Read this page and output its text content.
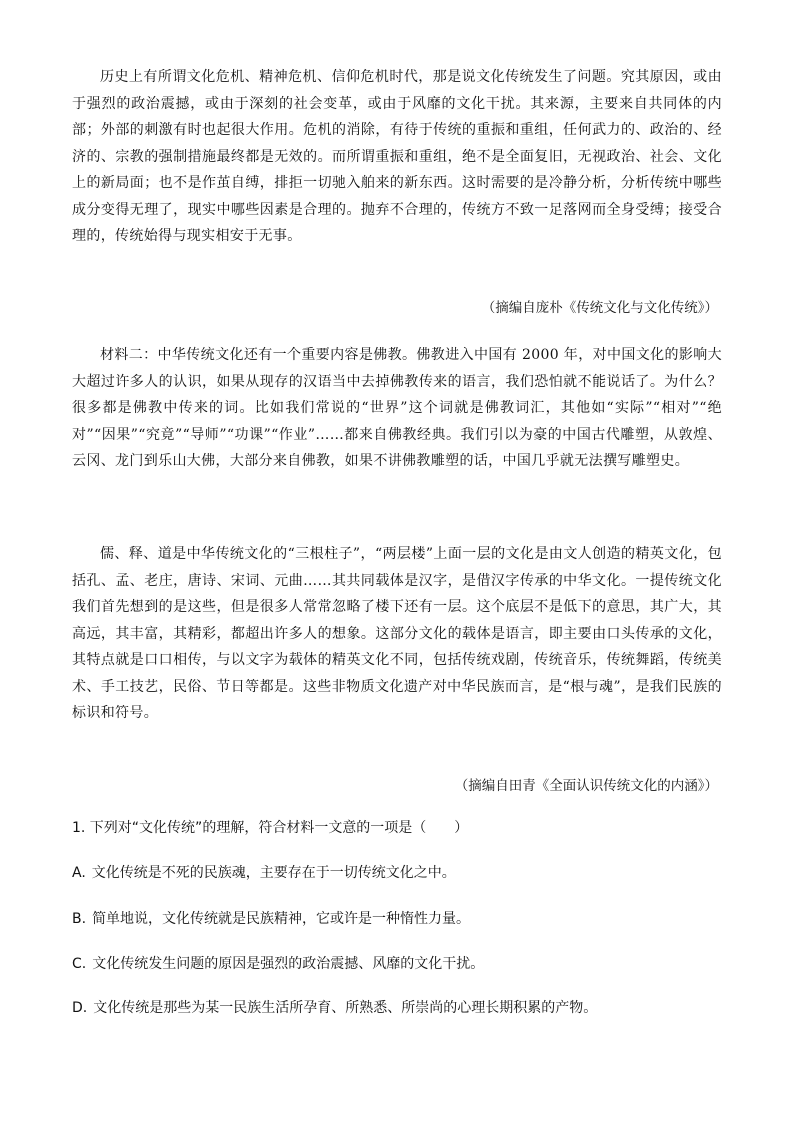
历史上有所谓文化危机、精神危机、信仰危机时代，那是说文化传统发生了问题。究其原因，或由于强烈的政治震撼，或由于深刻的社会变革，或由于风靡的文化干扰。其来源，主要来自共同体的内部；外部的刺激有时也起很大作用。危机的消除，有待于传统的重振和重组，任何武力的、政治的、经济的、宗教的强制措施最终都是无效的。而所谓重振和重组，绝不是全面复旧，无视政治、社会、文化上的新局面；也不是作茧自缚，排拒一切驰入舶来的新东西。这时需要的是冷静分析，分析传统中哪些成分变得无理了，现实中哪些因素是合理的。抛弃不合理的，传统方不致一足落网而全身受缚；接受合理的，传统始得与现实相安于无事。

（摘编自庞朴《传统文化与文化传统》）

材料二：中华传统文化还有一个重要内容是佛教。佛教进入中国有 2000 年，对中国文化的影响大大超过许多人的认识，如果从现存的汉语当中去掉佛教传来的语言，我们恐怕就不能说话了。为什么？很多都是佛教中传来的词。比如我们常说的“世界”这个词就是佛教词汇，其他如“实际”“相对”“绝对”“因果”“究竟”“导师”“功课”“作业”……都来自佛教经典。我们引以为豪的中国古代雕塑，从敦煌、云冈、龙门到乐山大佛，大部分来自佛教，如果不讲佛教雕塑的话，中国几乎就无法撰写雕塑史。

儒、释、道是中华传统文化的“三根柱子”，“两层楼”上面一层的文化是由文人创造的精英文化，包括孔、孟、老庄，唐诗、宋词、元曲……其共同载体是汉字，是借汉字传承的中华文化。一提传统文化我们首先想到的是这些，但是很多人常常忽略了楼下还有一层。这个底层不是低下的意思，其广大，其高远，其丰富，其精彩，都超出许多人的想象。这部分文化的载体是语言，即主要由口头传承的文化，其特点就是口口相传，与以文字为载体的精英文化不同，包括传统戏剧，传统音乐，传统舞蹈，传统美术、手工技艺，民俗、节日等都是。这些非物质文化遗产对中华民族而言，是“根与魂”，是我们民族的标识和符号。

（摘编自田青《全面认识传统文化的内涵》）

1. 下列对“文化传统”的理解，符合材料一文意的一项是（　　）

A. 文化传统是不死的民族魂，主要存在于一切传统文化之中。

B. 简单地说，文化传统就是民族精神，它或许是一种惰性力量。

C. 文化传统发生问题的原因是强烈的政治震撼、风靡的文化干扰。

D. 文化传统是那些为某一民族生活所孕育、所熟悉、所崇尚的心理长期积累的产物。
